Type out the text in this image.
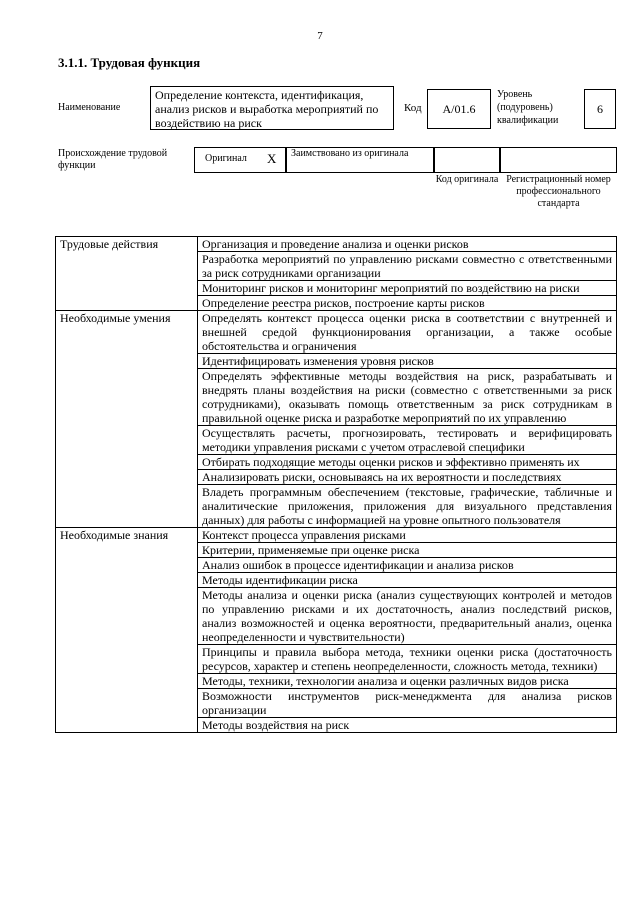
7
3.1.1. Трудовая функция
Наименование
Определение контекста, идентификация, анализ рисков и выработка мероприятий по воздействию на риск
Код A/01.6
Уровень (подуровень) квалификации
6
Происхождение трудовой функции
Оригинал X Заимствовано из оригинала
Код оригинала Регистрационный номер профессионального стандарта
Трудовые действия	Организация и проведение анализа и оценки рисков
	Разработка мероприятий по управлению рисками совместно с ответственными за риск сотрудниками организации
	Мониторинг рисков и мониторинг мероприятий по воздействию на риски
	Определение реестра рисков, построение карты рисков
Необходимые умения	Определять контекст процесса оценки риска в соответствии с внутренней и внешней средой функционирования организации, а также особые обстоятельства и ограничения
	Идентифицировать изменения уровня рисков
	Определять эффективные методы воздействия на риск, разрабатывать и внедрять планы воздействия на риски (совместно с ответственными за риск сотрудниками), оказывать помощь ответственным за риск сотрудникам в правильной оценке риска и разработке мероприятий по их управлению
	Осуществлять расчеты, прогнозировать, тестировать и верифицировать методики управления рисками с учетом отраслевой специфики
	Отбирать подходящие методы оценки рисков и эффективно применять их
	Анализировать риски, основываясь на их вероятности и последствиях
	Владеть программным обеспечением (текстовые, графические, табличные и аналитические приложения, приложения для визуального представления данных) для работы с информацией на уровне опытного пользователя
Необходимые знания	Контекст процесса управления рисками
	Критерии, применяемые при оценке риска
	Анализ ошибок в процессе идентификации и анализа рисков
	Методы идентификации риска
	Методы анализа и оценки риска (анализ существующих контролей и методов по управлению рисками и их достаточность, анализ последствий рисков, анализ возможностей и оценка вероятности, предварительный анализ, оценка неопределенности и чувствительности)
	Принципы и правила выбора метода, техники оценки риска (достаточность ресурсов, характер и степень неопределенности, сложность метода, техники)
	Методы, техники, технологии анализа и оценки различных видов риска
	Возможности инструментов риск-менеджмента для анализа рисков организации
	Методы воздействия на риск
